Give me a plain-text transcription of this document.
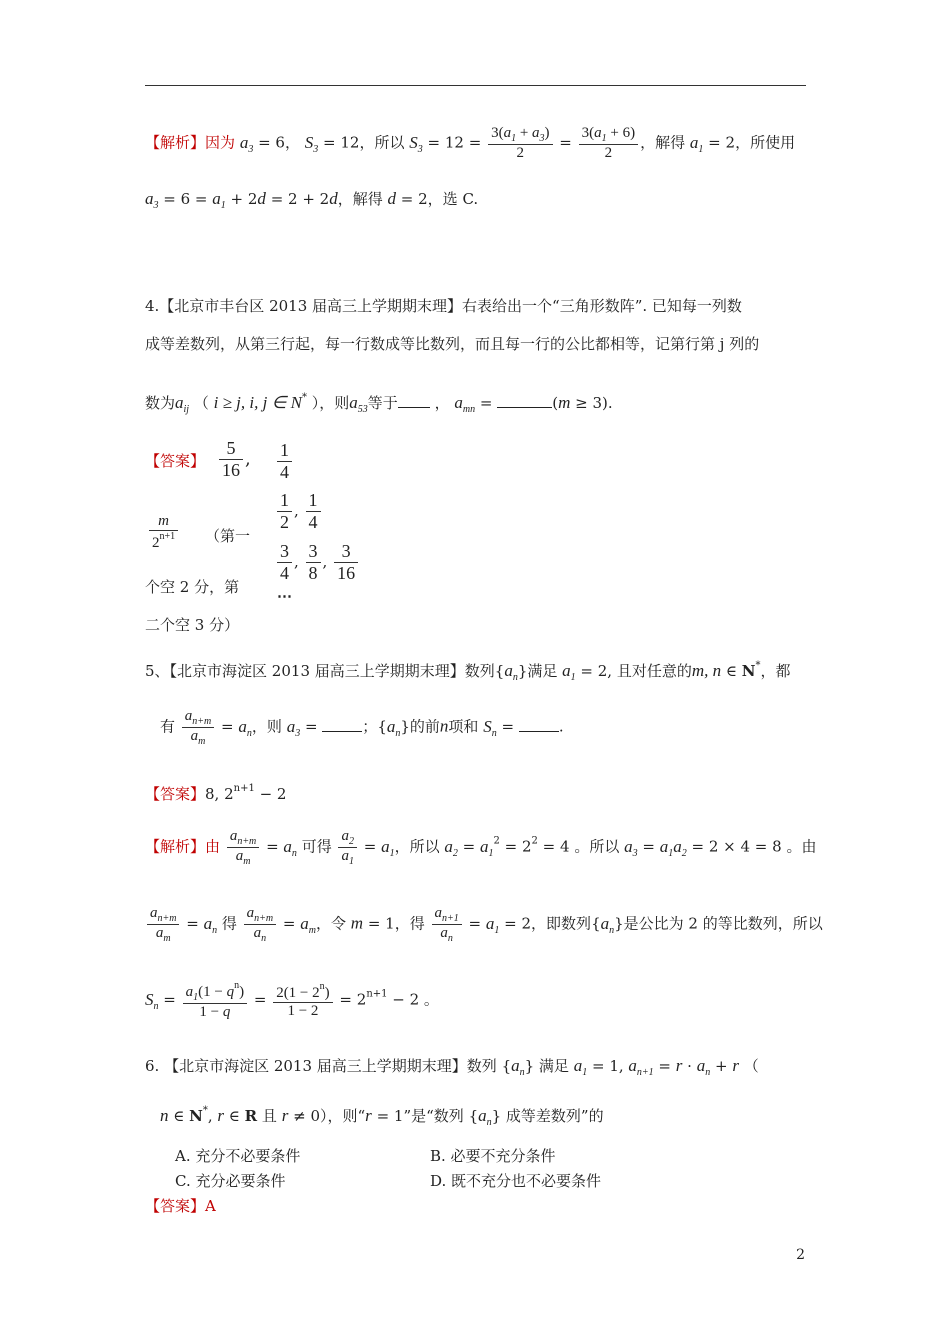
【解析】因为 $a_3 = 6$， $S_3 = 12$，所以 $S_3 = 12 = \frac{3(a_1 + a_3)}{2} = \frac{3(a_1 + 6)}{2}$ ，解得 $a_1 = 2$，所使用
$a_3 = 6 = a_1 + 2d = 2 + 2d$，解得 d = 2，选 C.
4.【北京市丰台区 2013 届高三上学期期末理】右表给出一个“三角形数阵”. 已知每一列数
成等差数列，从第三行起，每一行数成等比数列，而且每一行的公比都相等，记第行第 j 列的
数为$a_{ij}$ （ i ≥ j, i, j ∈ N* ），则$a_{53}$等于 ， $a_{mn}$ =	(m ≥ 3).
【答案】 $\frac{5}{16}$ ,
$\frac{m}{2^{n+1}}$ （第一
个空 2 分，第
二个空 3 分）
$\frac{1}{4}$
$\frac{1}{2}$ , $\frac{1}{4}$
$\frac{3}{4}$ , $\frac{3}{8}$ , $\frac{3}{16}$
⋯
5、【北京市海淀区 2013 届高三上学期期末理】数列$\{a_n\}$满足 $a_1 = 2$, 且对任意的m, n ∈ N*，都
有 $\frac{a_{n+m}}{a_m} = a_n$，则 $a_3$ =	；$\{a_n\}$的前n项和 $S_n$ =	.
【答案】8, $2^{n+1} - 2$
【解析】由 $\frac{a_{n+m}}{a_m} = a_n$ 可得 $\frac{a_2}{a_1} = a_1$，所以 $a_2 = a_1^2 = 2^2 = 4$ 。所以 $a_3 = a_1a_2 = 2 \times 4 = 8$ 。由
$\frac{a_{n+m}}{a_m} = a_n$ 得 $\frac{a_{n+m}}{a_n} = a_m$，令 m = 1，得 $\frac{a_{n+1}}{a_n} = a_1 = 2$，即数列$\{a_n\}$是公比为 2 的等比数列，所以
$S_n = \frac{a_1(1 - q^n)}{1 - q} = \frac{2(1 - 2^n)}{1 - 2} = 2^{n+1} - 2$ 。
6. 【北京市海淀区 2013 届高三上学期期末理】数列 $\{a_n\}$ 满足 $a_1 = 1$, $a_{n+1} = r \cdot a_n + r$ （
n ∈ N*, r ∈ R 且 r ≠ 0），则“r = 1”是“数列 $\{a_n\}$ 成等差数列”的
A. 充分不必要条件	B. 必要不充分条件
C. 充分必要条件	D. 既不充分也不必要条件
【答案】A
2
